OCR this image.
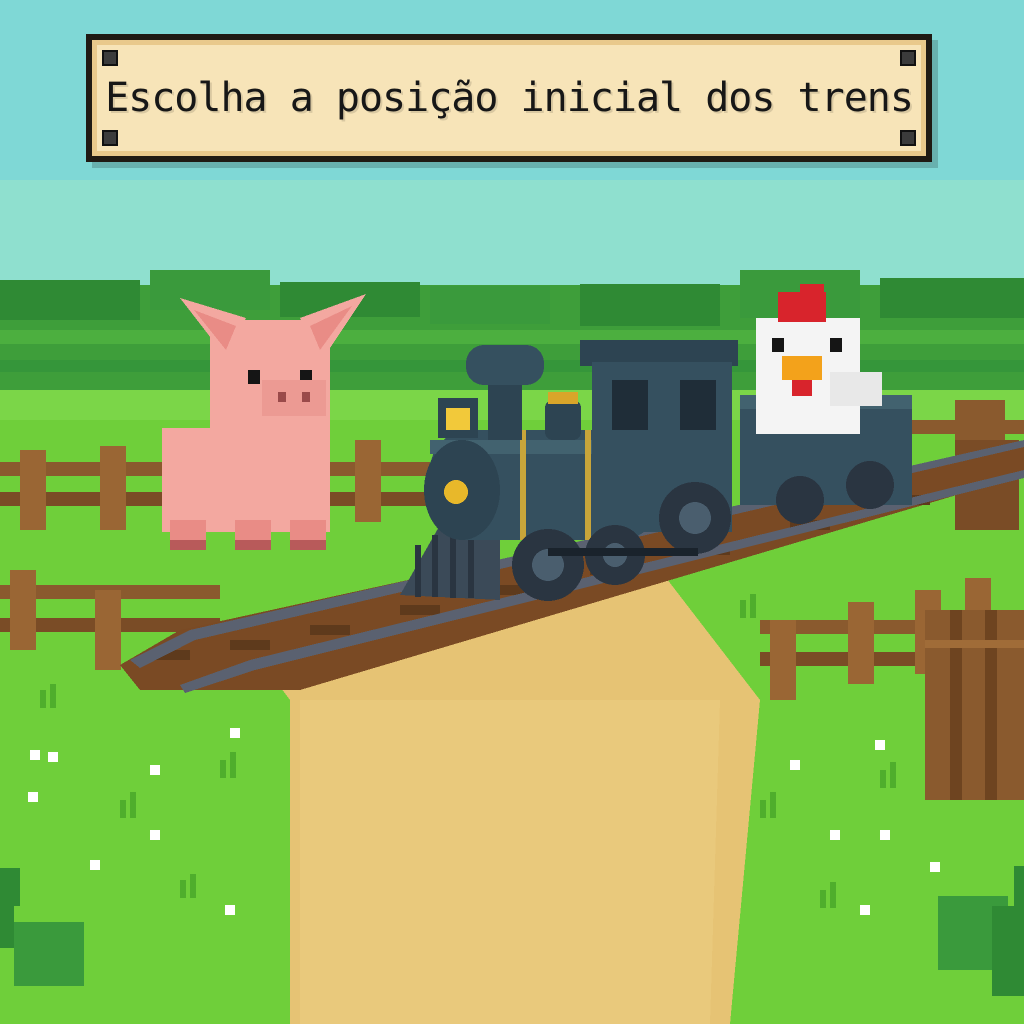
Escolha a posição inicial dos trens
